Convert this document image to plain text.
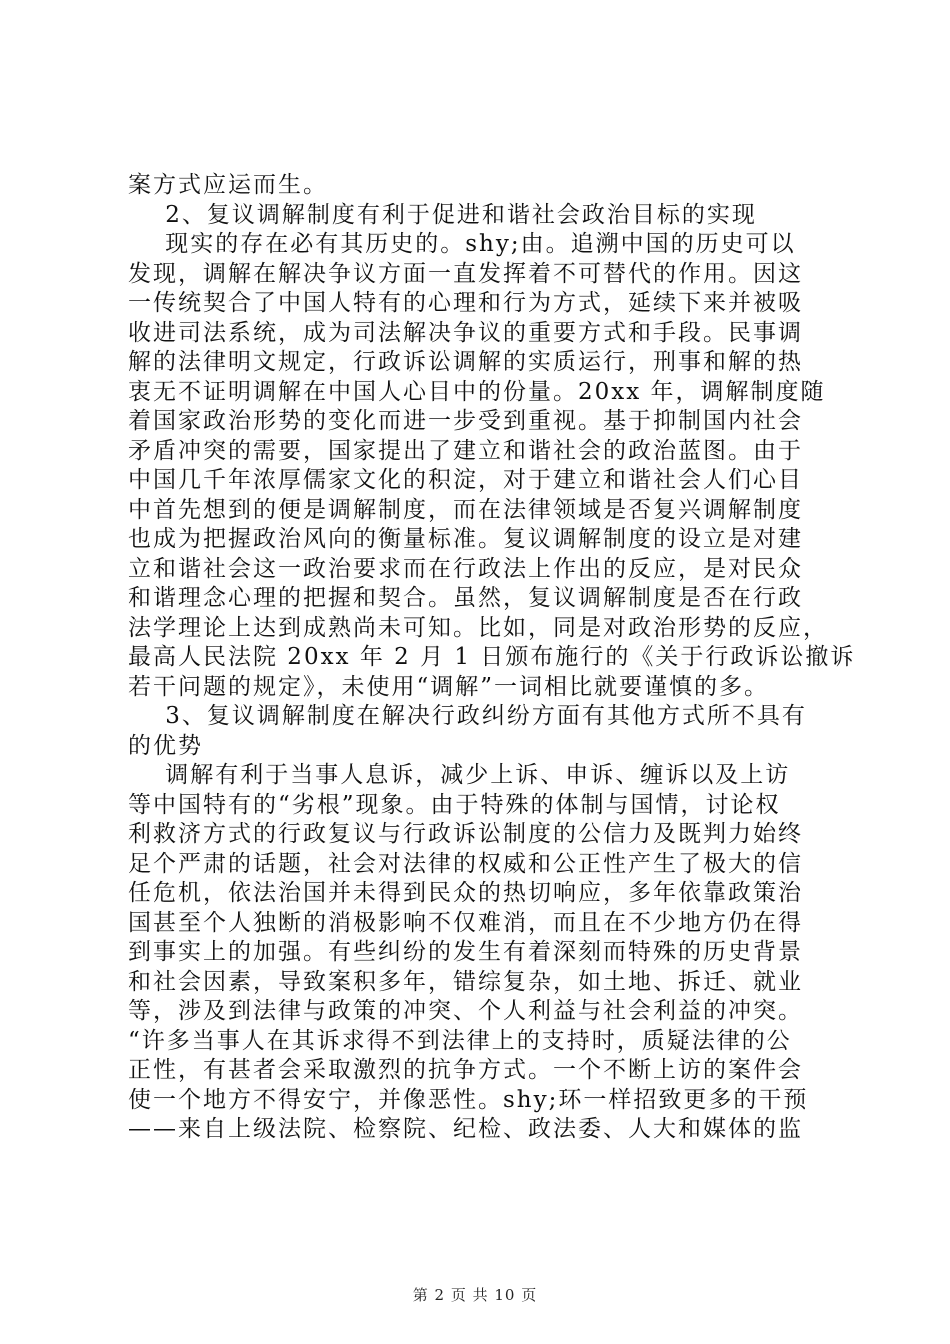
案方式应运而生。
2、复议调解制度有利于促进和谐社会政治目标的实现
现实的存在必有其历史的。shy;由。追溯中国的历史可以
发现，调解在解决争议方面一直发挥着不可替代的作用。因这
一传统契合了中国人特有的心理和行为方式，延续下来并被吸
收进司法系统，成为司法解决争议的重要方式和手段。民事调
解的法律明文规定，行政诉讼调解的实质运行，刑事和解的热
衷无不证明调解在中国人心目中的份量。20xx 年，调解制度随
着国家政治形势的变化而进一步受到重视。基于抑制国内社会
矛盾冲突的需要，国家提出了建立和谐社会的政治蓝图。由于
中国几千年浓厚儒家文化的积淀，对于建立和谐社会人们心目
中首先想到的便是调解制度，而在法律领域是否复兴调解制度
也成为把握政治风向的衡量标准。复议调解制度的设立是对建
立和谐社会这一政治要求而在行政法上作出的反应，是对民众
和谐理念心理的把握和契合。虽然，复议调解制度是否在行政
法学理论上达到成熟尚未可知。比如，同是对政治形势的反应，
最高人民法院 20xx 年 2 月 1 日颁布施行的《关于行政诉讼撤诉
若干问题的规定》，未使用“调解”一词相比就要谨慎的多。
3、复议调解制度在解决行政纠纷方面有其他方式所不具有
的优势
调解有利于当事人息诉，减少上诉、申诉、缠诉以及上访
等中国特有的“劣根”现象。由于特殊的体制与国情，讨论权
利救济方式的行政复议与行政诉讼制度的公信力及既判力始终
足个严肃的话题，社会对法律的权威和公正性产生了极大的信
任危机，依法治国并未得到民众的热切响应，多年依靠政策治
国甚至个人独断的消极影响不仅难消，而且在不少地方仍在得
到事实上的加强。有些纠纷的发生有着深刻而特殊的历史背景
和社会因素，导致案积多年，错综复杂，如土地、拆迁、就业
等，涉及到法律与政策的冲突、个人利益与社会利益的冲突。
“许多当事人在其诉求得不到法律上的支持时，质疑法律的公
正性，有甚者会采取激烈的抗争方式。一个不断上访的案件会
使一个地方不得安宁，并像恶性。shy;环一样招致更多的干预
——来自上级法院、检察院、纪检、政法委、人大和媒体的监
第 2 页 共 10 页
